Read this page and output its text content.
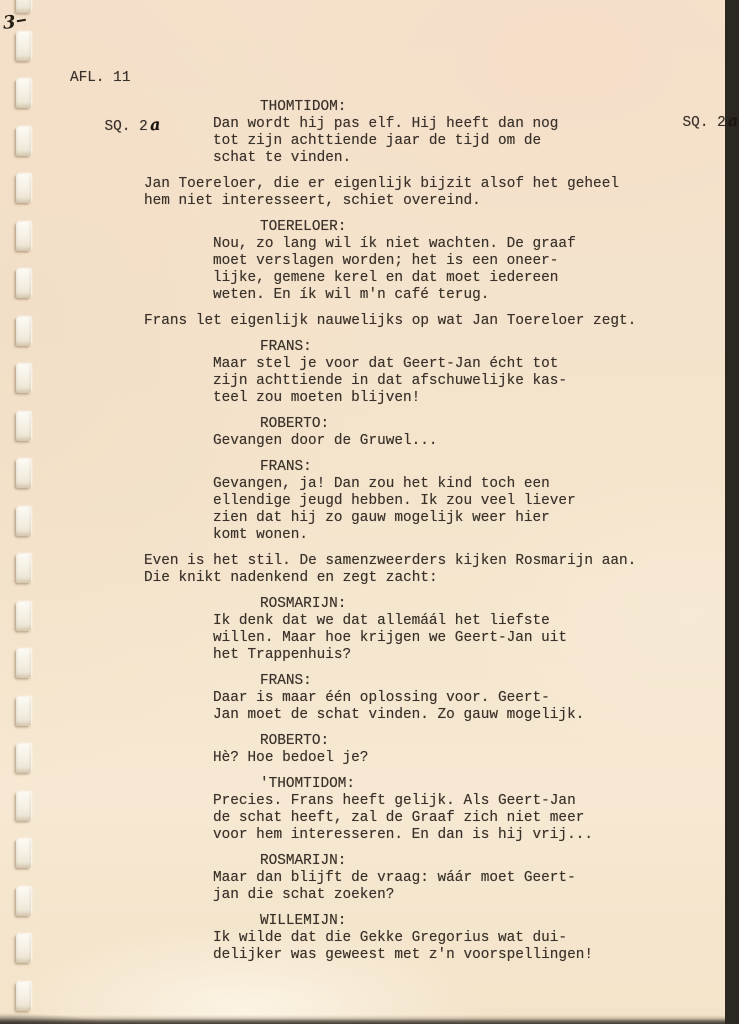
3
AFL. 11

SQ. 2a
	SQ. 2a

THOMTIDOM:
Dan wordt hij pas elf. Hij heeft dan nog
tot zijn achttiende jaar de tijd om de
schat te vinden.
Jan Toereloer, die er eigenlijk bijzit alsof het geheel
hem niet interesseert, schiet overeind.
TOERELOER:
Nou, zo lang wil ík niet wachten. De graaf
moet verslagen worden; het is een oneer-
lijke, gemene kerel en dat moet iedereen
weten. En ík wil m'n café terug.
Frans let eigenlijk nauwelijks op wat Jan Toereloer zegt.
FRANS:
Maar stel je voor dat Geert-Jan écht tot
zijn achttiende in dat afschuwelijke kas-
teel zou moeten blijven!
ROBERTO:
Gevangen door de Gruwel...
FRANS:
Gevangen, ja! Dan zou het kind toch een
ellendige jeugd hebben. Ik zou veel liever
zien dat hij zo gauw mogelijk weer hier
komt wonen.
Even is het stil. De samenzweerders kijken Rosmarijn aan.
Die knikt nadenkend en zegt zacht:
ROSMARIJN:
Ik denk dat we dat allemáál het liefste
willen. Maar hoe krijgen we Geert-Jan uit
het Trappenhuis?
FRANS:
Daar is maar één oplossing voor. Geert-
Jan moet de schat vinden. Zo gauw mogelijk.
ROBERTO:
Hè? Hoe bedoel je?
'THOMTIDOM:
Precies. Frans heeft gelijk. Als Geert-Jan
de schat heeft, zal de Graaf zich niet meer
voor hem interesseren. En dan is hij vrij...
ROSMARIJN:
Maar dan blijft de vraag: wáár moet Geert-
jan die schat zoeken?
WILLEMIJN:
Ik wilde dat die Gekke Gregorius wat dui-
delijker was geweest met z'n voorspellingen!
